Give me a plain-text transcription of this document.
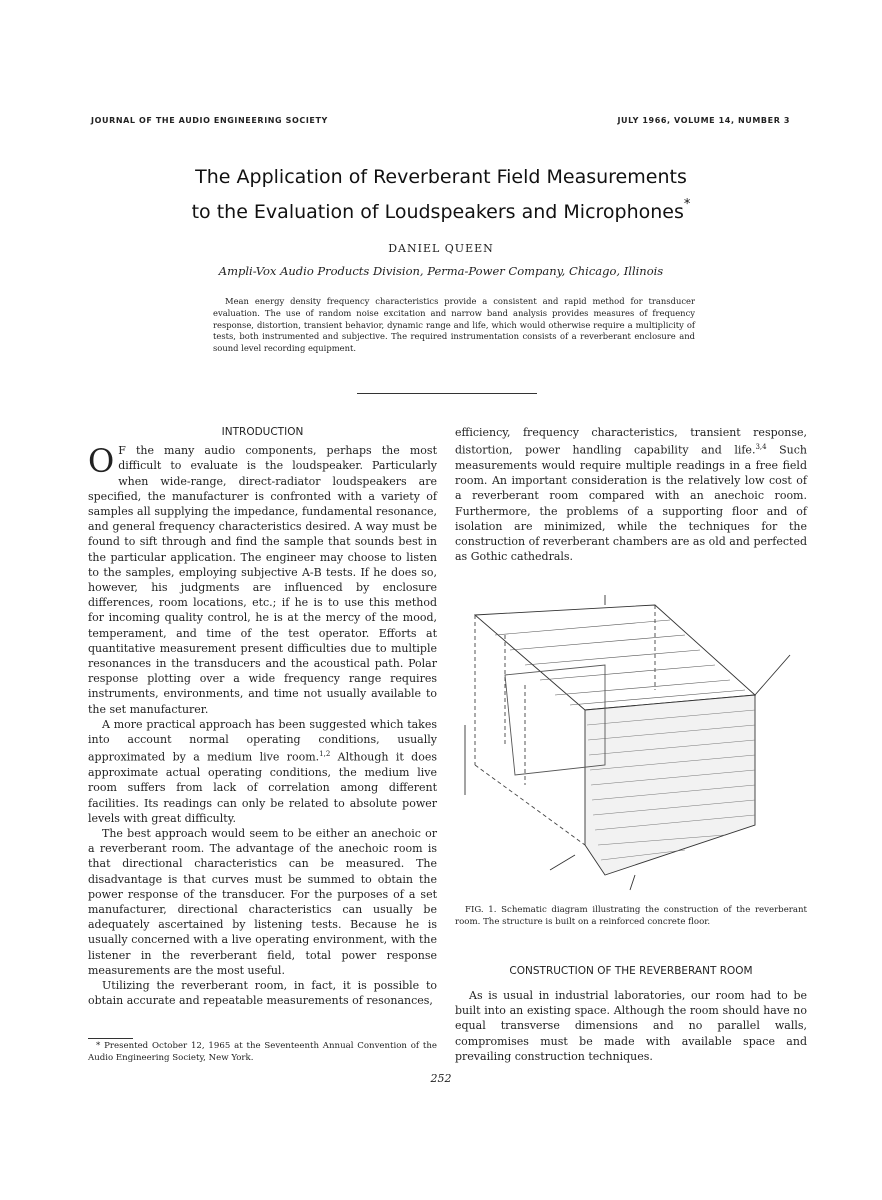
JOURNAL OF THE AUDIO ENGINEERING SOCIETY	JULY 1966, VOLUME 14, NUMBER 3
The Application of Reverberant Field Measurements
to the Evaluation of Loudspeakers and Microphones*
DANIEL QUEEN
Ampli-Vox Audio Products Division, Perma-Power Company, Chicago, Illinois
Mean energy density frequency characteristics provide a consistent and rapid method for transducer evaluation. The use of random noise excitation and narrow band analysis provides measures of frequency response, distortion, transient behavior, dynamic range and life, which would otherwise require a multiplicity of tests, both instrumented and subjective. The required instrumentation consists of a reverberant enclosure and sound level recording equipment.
INTRODUCTION

O F the many audio components, perhaps the most difficult to evaluate is the loudspeaker. Particularly when wide-range, direct-radiator loudspeakers are specified, the manufacturer is confronted with a variety of samples all supplying the impedance, fundamental resonance, and general frequency characteristics desired. A way must be found to sift through and find the sample that sounds best in the particular application. The engineer may choose to listen to the samples, employing subjective A-B tests. If he does so, however, his judgments are influenced by enclosure differences, room locations, etc.; if he is to use this method for incoming quality control, he is at the mercy of the mood, temperament, and time of the test operator. Efforts at quantitative measurement present difficulties due to multiple resonances in the transducers and the acoustical path. Polar response plotting over a wide frequency range requires instruments, environments, and time not usually available to the set manufacturer.

A more practical approach has been suggested which takes into account normal operating conditions, usually approximated by a medium live room.$^{1,2}$ Although it does approximate actual operating conditions, the medium live room suffers from lack of correlation among different facilities. Its readings can only be related to absolute power levels with great difficulty.

The best approach would seem to be either an anechoic or a reverberant room. The advantage of the anechoic room is that directional characteristics can be measured. The disadvantage is that curves must be summed to obtain the power response of the transducer. For the purposes of a set manufacturer, directional characteristics can usually be adequately ascertained by listening tests. Because he is usually concerned with a live operating environment, with the listener in the reverberant field, total power response measurements are the most useful.

Utilizing the reverberant room, in fact, it is possible to obtain accurate and repeatable measurements of resonances,

efficiency, frequency characteristics, transient response, distortion, power handling capability and life.$^{3,4}$ Such measurements would require multiple readings in a free field room. An important consideration is the relatively low cost of a reverberant room compared with an anechoic room. Furthermore, the problems of a supporting floor and of isolation are minimized, while the techniques for the construction of reverberant chambers are as old and perfected as Gothic cathedrals.

FIG. 1. Schematic diagram illustrating the construction of the reverberant room. The structure is built on a reinforced concrete floor.
CONSTRUCTION OF THE REVERBERANT ROOM

As is usual in industrial laboratories, our room had to be built into an existing space. Although the room should have no equal transverse dimensions and no parallel walls, compromises must be made with available space and prevailing construction techniques.

* Presented October 12, 1965 at the Seventeenth Annual Convention of the Audio Engineering Society, New York.
252
